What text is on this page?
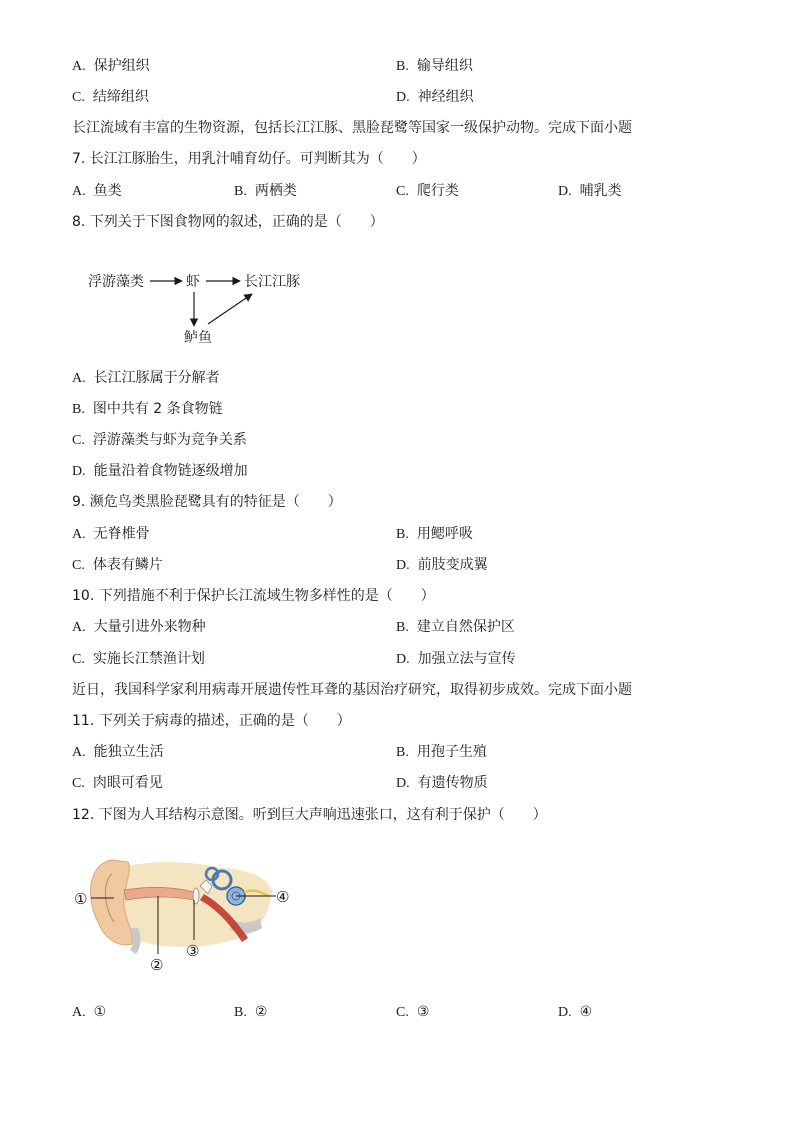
A. 保护组织	B. 输导组织
C. 结缔组织	D. 神经组织
长江流域有丰富的生物资源，包括长江江豚、黑脸琵鹭等国家一级保护动物。完成下面小题
7. 长江江豚胎生，用乳汁哺育幼仔。可判断其为（　　）
A. 鱼类	B. 两栖类	C. 爬行类	D. 哺乳类
8. 下列关于下图食物网的叙述，正确的是（　　）
浮游藻类	虾	长江江豚
鲈鱼
A. 长江江豚属于分解者
B. 图中共有 2 条食物链
C. 浮游藻类与虾为竞争关系
D. 能量沿着食物链逐级增加
9. 濒危鸟类黑脸琵鹭具有的特征是（　　）
A. 无脊椎骨	B. 用鳃呼吸
C. 体表有鳞片	D. 前肢变成翼
10. 下列措施不利于保护长江流域生物多样性的是（　　）
A. 大量引进外来物种	B. 建立自然保护区
C. 实施长江禁渔计划	D. 加强立法与宣传
近日，我国科学家利用病毒开展遗传性耳聋的基因治疗研究，取得初步成效。完成下面小题
11. 下列关于病毒的描述，正确的是（　　）
A. 能独立生活	B. 用孢子生殖
C. 肉眼可看见	D. 有遗传物质
12. 下图为人耳结构示意图。听到巨大声响迅速张口，这有利于保护（　　）
①
②
③
④
A. ①	B. ②	C. ③	D. ④
